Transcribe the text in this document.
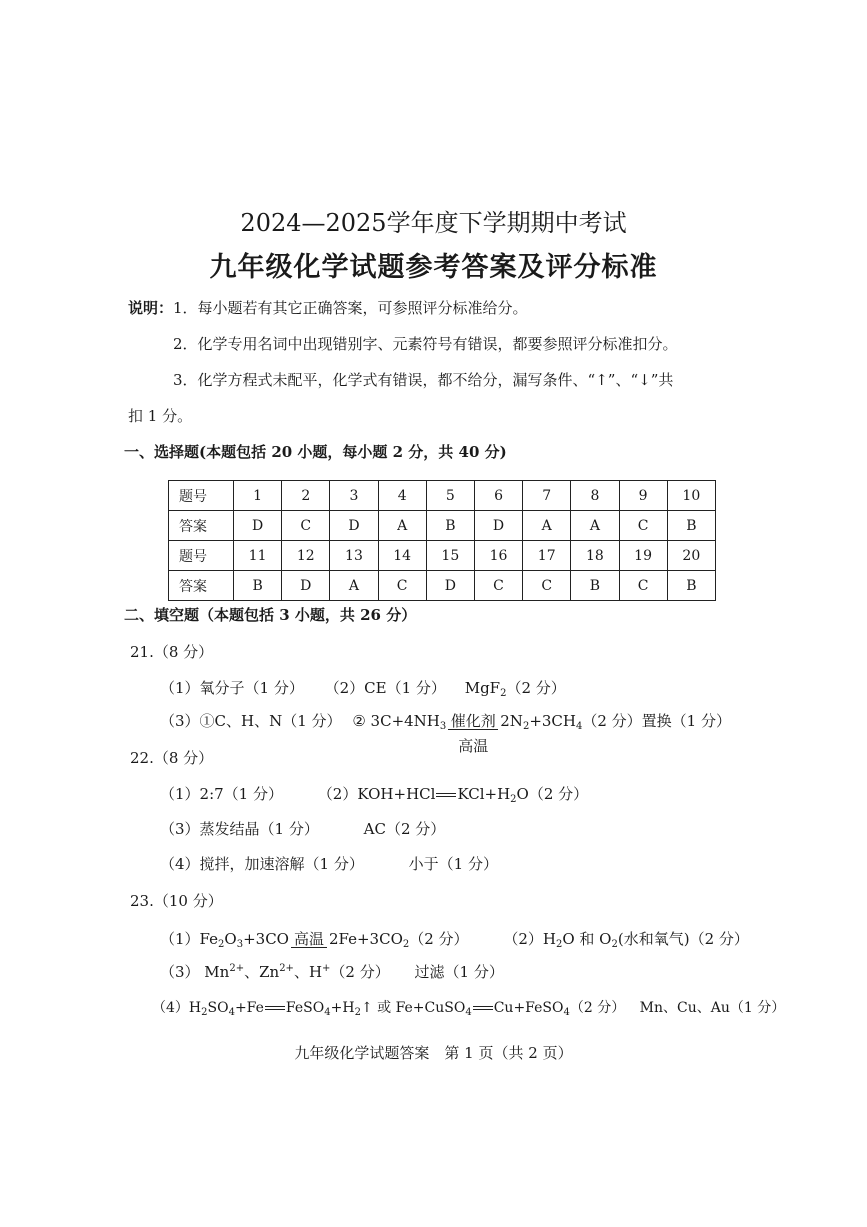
2024—2025学年度下学期期中考试
九年级化学试题参考答案及评分标准
说明：1．每小题若有其它正确答案，可参照评分标准给分。
2．化学专用名词中出现错别字、元素符号有错误，都要参照评分标准扣分。
3．化学方程式未配平，化学式有错误，都不给分，漏写条件、“↑”、“↓”共
扣 1 分。
一、选择题(本题包括 20 小题，每小题 2 分，共 40 分)
题号	1	2	3	4	5	6	7	8	9	10
答案	D	C	D	A	B	D	A	A	C	B
题号	11	12	13	14	15	16	17	18	19	20
答案	B	D	A	C	D	C	C	B	C	B
二、填空题（本题包括 3 小题，共 26 分）
21.（8 分）
（1）氧分子（1 分） （2）CE（1 分） MgF$_2$（2 分）
（3）①C、H、N（1 分） ② $3C+4NH_3$ 催化剂
高温
$2N_2+3CH_4(2$ 分）置换（1 分）
22.（8 分）
（1）2:7（1 分） （2）KOH+HCl $KCl+H_2O(2$ 分）
（3）蒸发结晶（1 分）	AC（2 分）
（4）搅拌，加速溶解（1 分）	小于（1 分）
23.（10 分）
$(1)Fe_2O_3+3CO$ 高温 $2Fe+3CO_2(2$ 分） $(2)H_2O$ 和 $O_2$(水和氧气)（2 分）
（3） $Mn^{2+}$、$Zn^{2+}$、H+（2 分） 过滤（1 分）
$(4)H_2SO_4+Fe$ $FeSO_4+H_2↑$ 或 Fe+CuSO$_4$ Cu+FeSO$_4$（2 分） Mn、Cu、Au（1 分）
九年级化学试题答案　第 1 页（共 2 页）
